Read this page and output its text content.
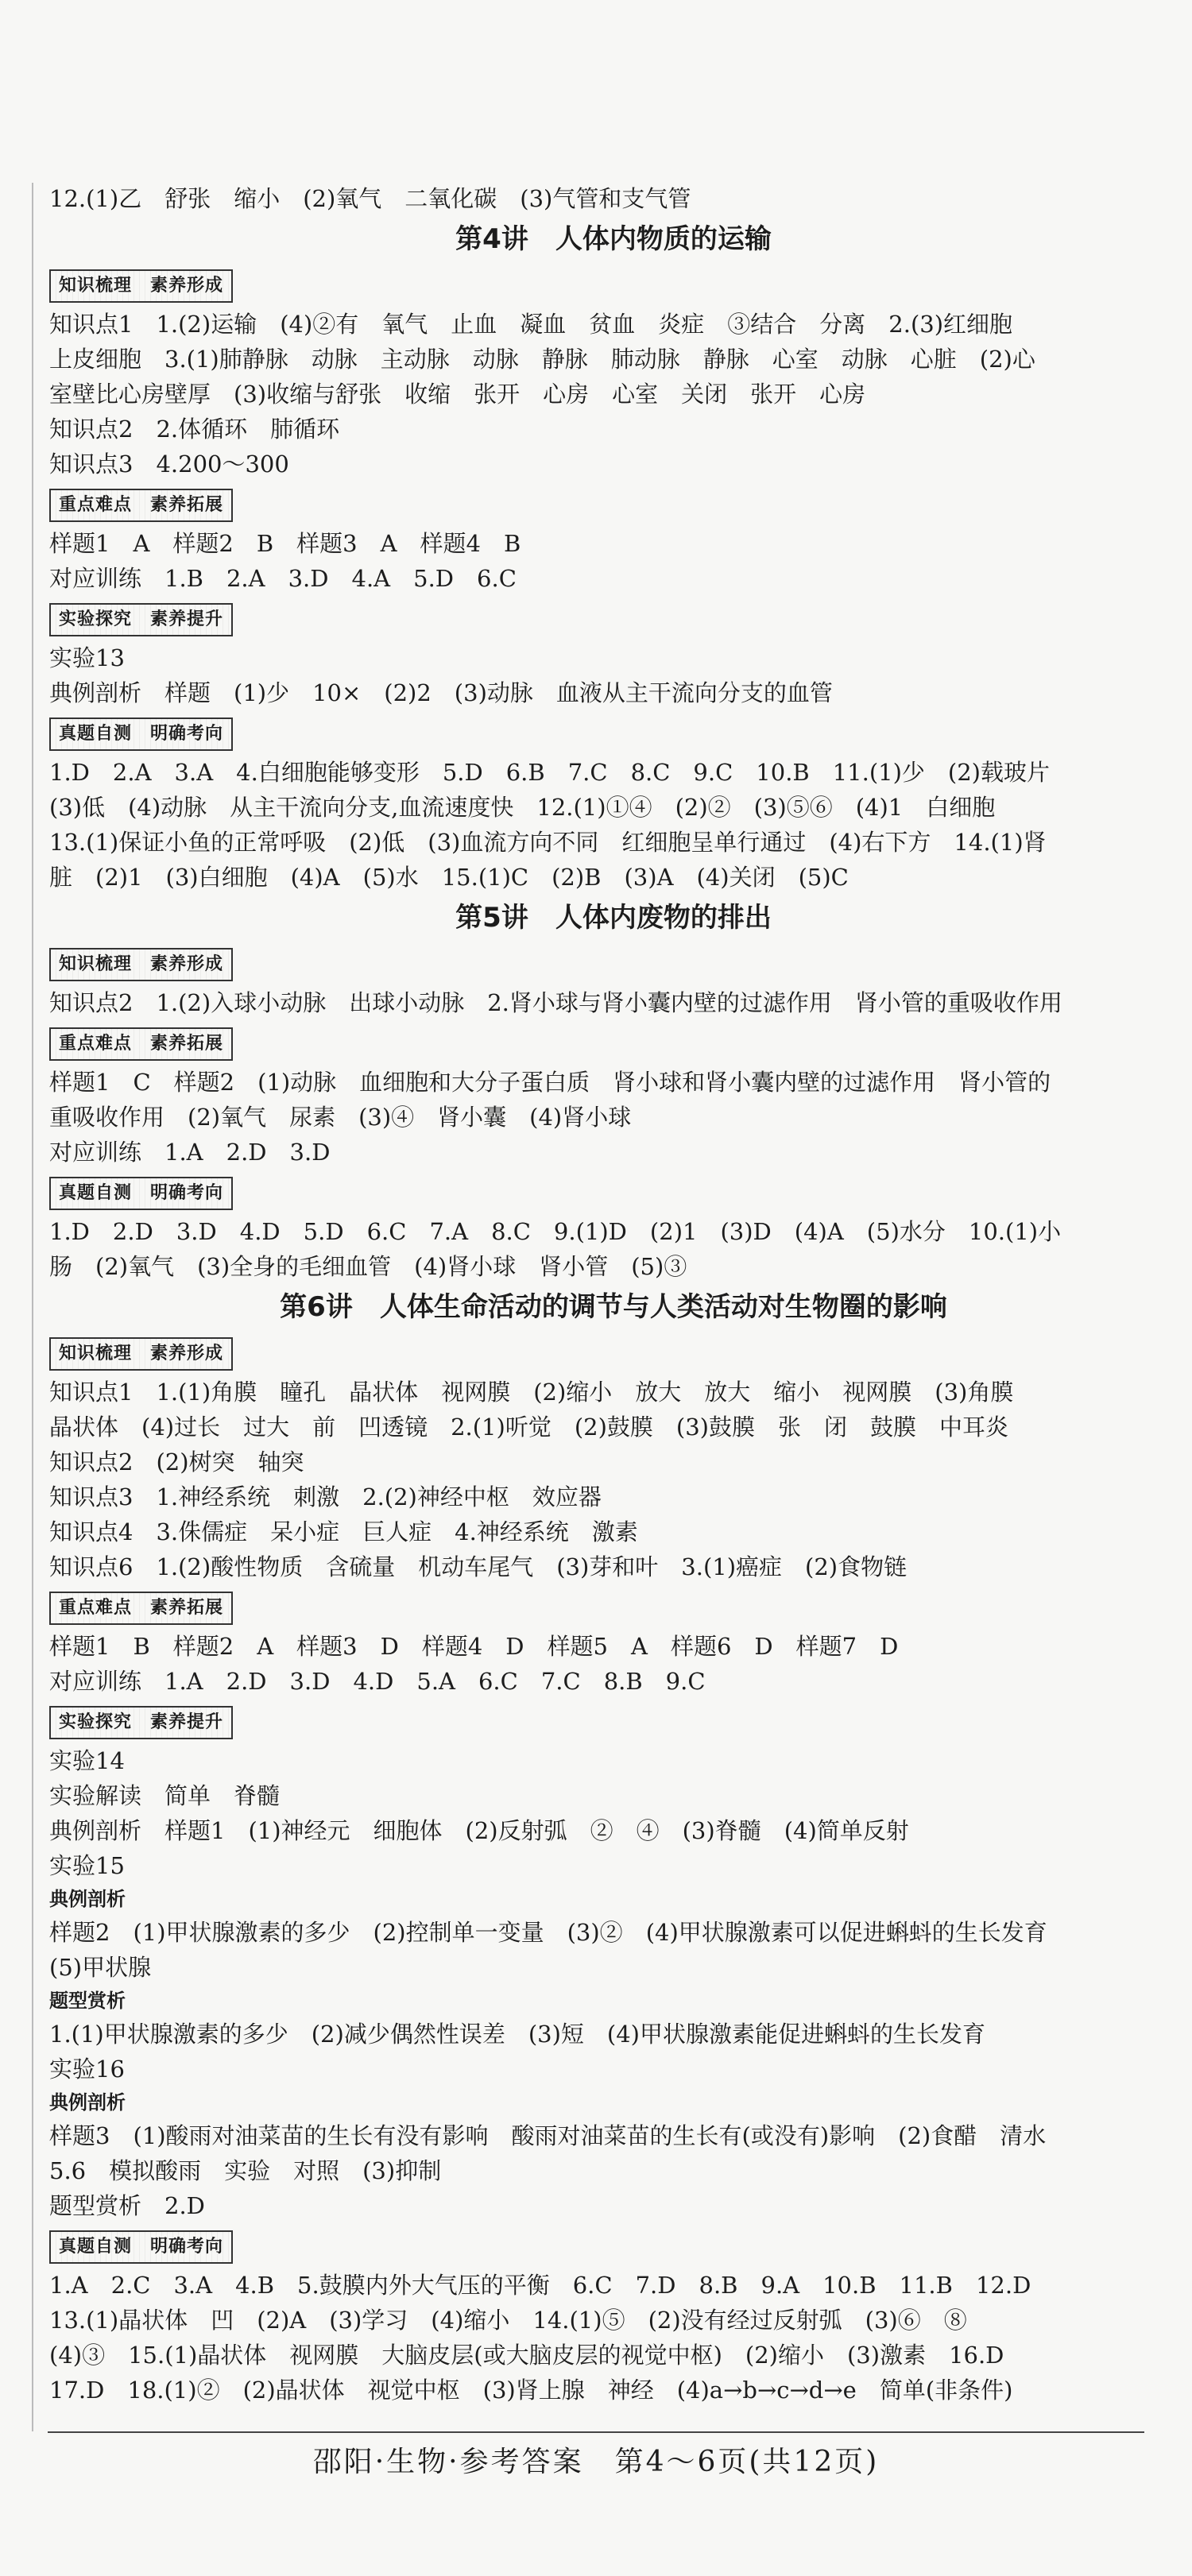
12.(1)乙　舒张　缩小　(2)氧气　二氧化碳　(3)气管和支气管
第4讲　人体内物质的运输
知识梳理　素养形成
知识点1　1.(2)运输　(4)②有　氧气　止血　凝血　贫血　炎症　③结合　分离　2.(3)红细胞
上皮细胞　3.(1)肺静脉　动脉　主动脉　动脉　静脉　肺动脉　静脉　心室　动脉　心脏　(2)心
室壁比心房壁厚　(3)收缩与舒张　收缩　张开　心房　心室　关闭　张开　心房
知识点2　2.体循环　肺循环
知识点3　4.200～300
重点难点　素养拓展
样题1　A　样题2　B　样题3　A　样题4　B
对应训练　1.B　2.A　3.D　4.A　5.D　6.C
实验探究　素养提升
实验13
典例剖析　样题　(1)少　10×　(2)2　(3)动脉　血液从主干流向分支的血管
真题自测　明确考向
1.D　2.A　3.A　4.白细胞能够变形　5.D　6.B　7.C　8.C　9.C　10.B　11.(1)少　(2)载玻片
(3)低　(4)动脉　从主干流向分支,血流速度快　12.(1)①④　(2)②　(3)⑤⑥　(4)1　白细胞
13.(1)保证小鱼的正常呼吸　(2)低　(3)血流方向不同　红细胞呈单行通过　(4)右下方　14.(1)肾
脏　(2)1　(3)白细胞　(4)A　(5)水　15.(1)C　(2)B　(3)A　(4)关闭　(5)C
第5讲　人体内废物的排出
知识梳理　素养形成
知识点2　1.(2)入球小动脉　出球小动脉　2.肾小球与肾小囊内壁的过滤作用　肾小管的重吸收作用
重点难点　素养拓展
样题1　C　样题2　(1)动脉　血细胞和大分子蛋白质　肾小球和肾小囊内壁的过滤作用　肾小管的
重吸收作用　(2)氧气　尿素　(3)④　肾小囊　(4)肾小球
对应训练　1.A　2.D　3.D
真题自测　明确考向
1.D　2.D　3.D　4.D　5.D　6.C　7.A　8.C　9.(1)D　(2)1　(3)D　(4)A　(5)水分　10.(1)小
肠　(2)氧气　(3)全身的毛细血管　(4)肾小球　肾小管　(5)③
第6讲　人体生命活动的调节与人类活动对生物圈的影响
知识梳理　素养形成
知识点1　1.(1)角膜　瞳孔　晶状体　视网膜　(2)缩小　放大　放大　缩小　视网膜　(3)角膜
晶状体　(4)过长　过大　前　凹透镜　2.(1)听觉　(2)鼓膜　(3)鼓膜　张　闭　鼓膜　中耳炎
知识点2　(2)树突　轴突
知识点3　1.神经系统　刺激　2.(2)神经中枢　效应器
知识点4　3.侏儒症　呆小症　巨人症　4.神经系统　激素
知识点6　1.(2)酸性物质　含硫量　机动车尾气　(3)芽和叶　3.(1)癌症　(2)食物链
重点难点　素养拓展
样题1　B　样题2　A　样题3　D　样题4　D　样题5　A　样题6　D　样题7　D
对应训练　1.A　2.D　3.D　4.D　5.A　6.C　7.C　8.B　9.C
实验探究　素养提升
实验14
实验解读　简单　脊髓
典例剖析　样题1　(1)神经元　细胞体　(2)反射弧　②　④　(3)脊髓　(4)简单反射
实验15
典例剖析
样题2　(1)甲状腺激素的多少　(2)控制单一变量　(3)②　(4)甲状腺激素可以促进蝌蚪的生长发育
(5)甲状腺
题型赏析
1.(1)甲状腺激素的多少　(2)减少偶然性误差　(3)短　(4)甲状腺激素能促进蝌蚪的生长发育
实验16
典例剖析
样题3　(1)酸雨对油菜苗的生长有没有影响　酸雨对油菜苗的生长有(或没有)影响　(2)食醋　清水
5.6　模拟酸雨　实验　对照　(3)抑制
题型赏析　2.D
真题自测　明确考向
1.A　2.C　3.A　4.B　5.鼓膜内外大气压的平衡　6.C　7.D　8.B　9.A　10.B　11.B　12.D
13.(1)晶状体　凹　(2)A　(3)学习　(4)缩小　14.(1)⑤　(2)没有经过反射弧　(3)⑥　⑧
(4)③　15.(1)晶状体　视网膜　大脑皮层(或大脑皮层的视觉中枢)　(2)缩小　(3)激素　16.D
17.D　18.(1)②　(2)晶状体　视觉中枢　(3)肾上腺　神经　(4)a→b→c→d→e　简单(非条件)
邵阳·生物·参考答案　第4～6页(共12页)
